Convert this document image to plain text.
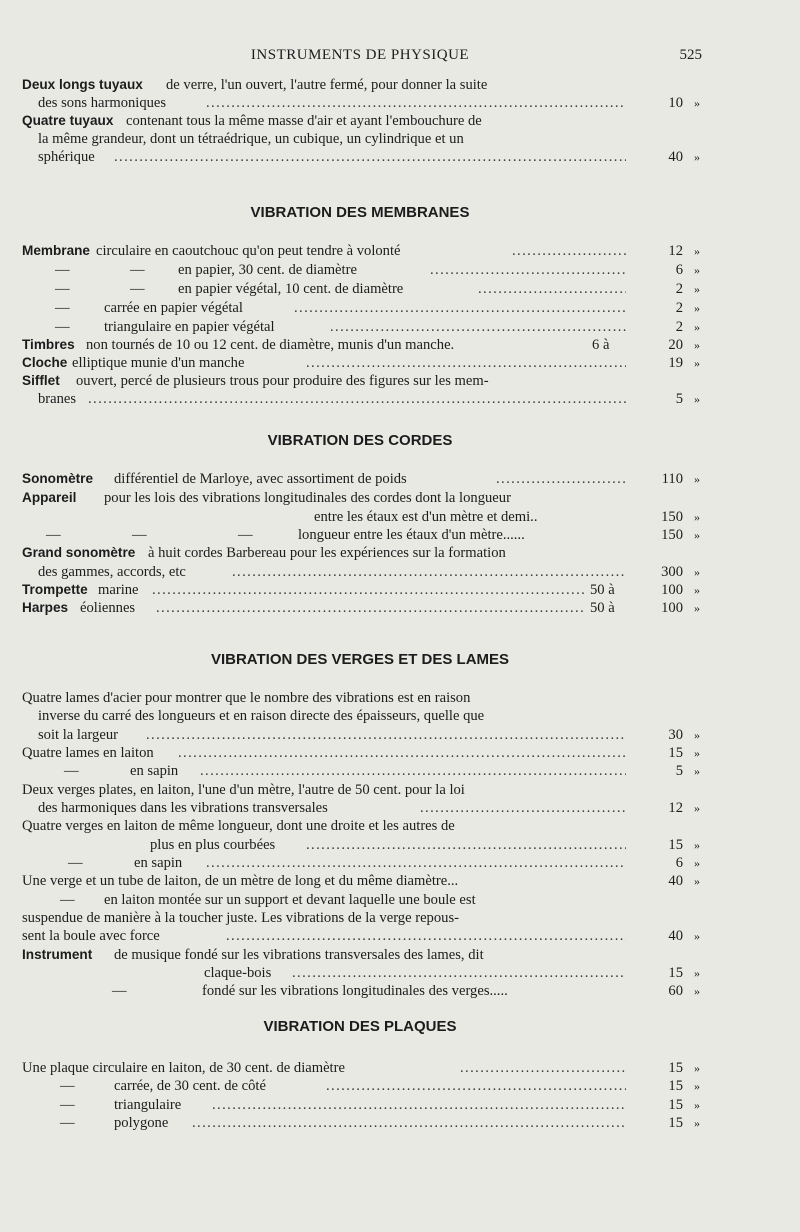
INSTRUMENTS DE PHYSIQUE	525
Deux longs tuyaux de verre, l'un ouvert, l'autre fermé, pour donner la suite
des sons harmoniques .....	10 »
Quatre tuyaux contenant tous la même masse d'air et ayant l'embouchure de
la même grandeur, dont un tétraédrique, un cubique, un cylindrique et un
sphérique .....	40 »
VIBRATION DES MEMBRANES
Membrane circulaire en caoutchouc qu'on peut tendre à volonté .....	12 »
—	— en papier, 30 cent. de diamètre .....	6 »
—	— en papier végétal, 10 cent. de diamètre .....	2 »
— carrée en papier végétal .....	2 »
— triangulaire en papier végétal .....	2 »
Timbres non tournés de 10 ou 12 cent. de diamètre, munis d'un manche.	6 à	20 »
Cloche elliptique munie d'un manche .....	19 »
Sifflet ouvert, percé de plusieurs trous pour produire des figures sur les mem-
branes .....	5 »
VIBRATION DES CORDES
Sonomètre différentiel de Marloye, avec assortiment de poids .....	110 »
Appareil pour les lois des vibrations longitudinales des cordes dont la longueur
entre les étaux est d'un mètre et demi..	150 »
—	—	—	longueur entre les étaux d'un mètre......	150 »
Grand sonomètre à huit cordes Barbereau pour les expériences sur la formation
des gammes, accords, etc .....	300 »
Trompette marine .....	50 à	100 »
Harpes éoliennes .....	50 à	100 »
VIBRATION DES VERGES ET DES LAMES
Quatre lames d'acier pour montrer que le nombre des vibrations est en raison
inverse du carré des longueurs et en raison directe des épaisseurs, quelle que
soit la largeur .....	30 »
Quatre lames en laiton .....	15 »
—	en sapin .....	5 »
Deux verges plates, en laiton, l'une d'un mètre, l'autre de 50 cent. pour la loi
des harmoniques dans les vibrations transversales .....	12 »
Quatre verges en laiton de même longueur, dont une droite et les autres de
plus en plus courbées .....	15 »
—	en sapin .....	6 »
Une verge et un tube de laiton, de un mètre de long et du même diamètre...	40 »
— en laiton montée sur un support et devant laquelle une boule est
suspendue de manière à la toucher juste. Les vibrations de la verge repous-
sent la boule avec force .....	40 »
Instrument de musique fondé sur les vibrations transversales des lames, dit
claque-bois .....	15 »
—	fondé sur les vibrations longitudinales des verges.....	60 »
VIBRATION DES PLAQUES
Une plaque circulaire en laiton, de 30 cent. de diamètre .....	15 »
—	carrée, de 30 cent. de côté .....	15 »
—	triangulaire .....	15 »
—	polygone .....	15 »
